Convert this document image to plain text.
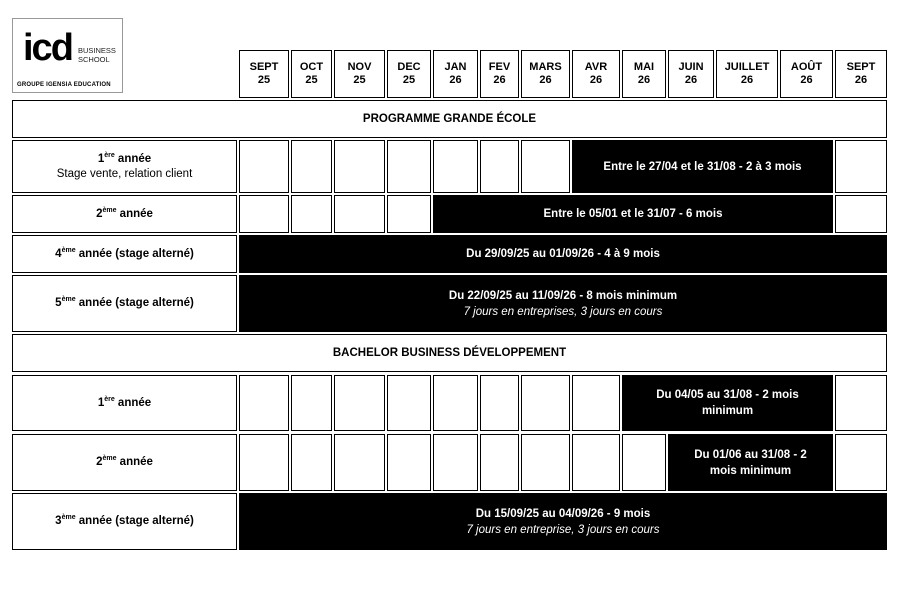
icd BUSINESS
SCHOOL
GROUPE IGENSIA EDUCATION
SEPT
25
OCT
25
NOV
25
DEC
25
JAN
26
FEV
26
MARS
26
AVR
26
MAI
26
JUIN
26
JUILLET
26
AOÛT
26
SEPT
26
PROGRAMME GRANDE ÉCOLE
1ère année
Stage vente, relation client
Entre le 27/04 et le 31/08 - 2 à 3 mois
2ème année	Entre le 05/01 et le 31/07 - 6 mois
4ème année (stage alterné)	Du 29/09/25 au 01/09/26 - 4 à 9 mois
5ème année (stage alterné)
Du 22/09/25 au 11/09/26 - 8 mois minimum
7 jours en entreprises, 3 jours en cours
BACHELOR BUSINESS DÉVELOPPEMENT
1ère année
Du 04/05 au 31/08 - 2 mois minimum
2ème année
Du 01/06 au 31/08 - 2 mois minimum
3ème année (stage alterné)
Du 15/09/25 au 04/09/26 - 9 mois
7 jours en entreprise, 3 jours en cours
